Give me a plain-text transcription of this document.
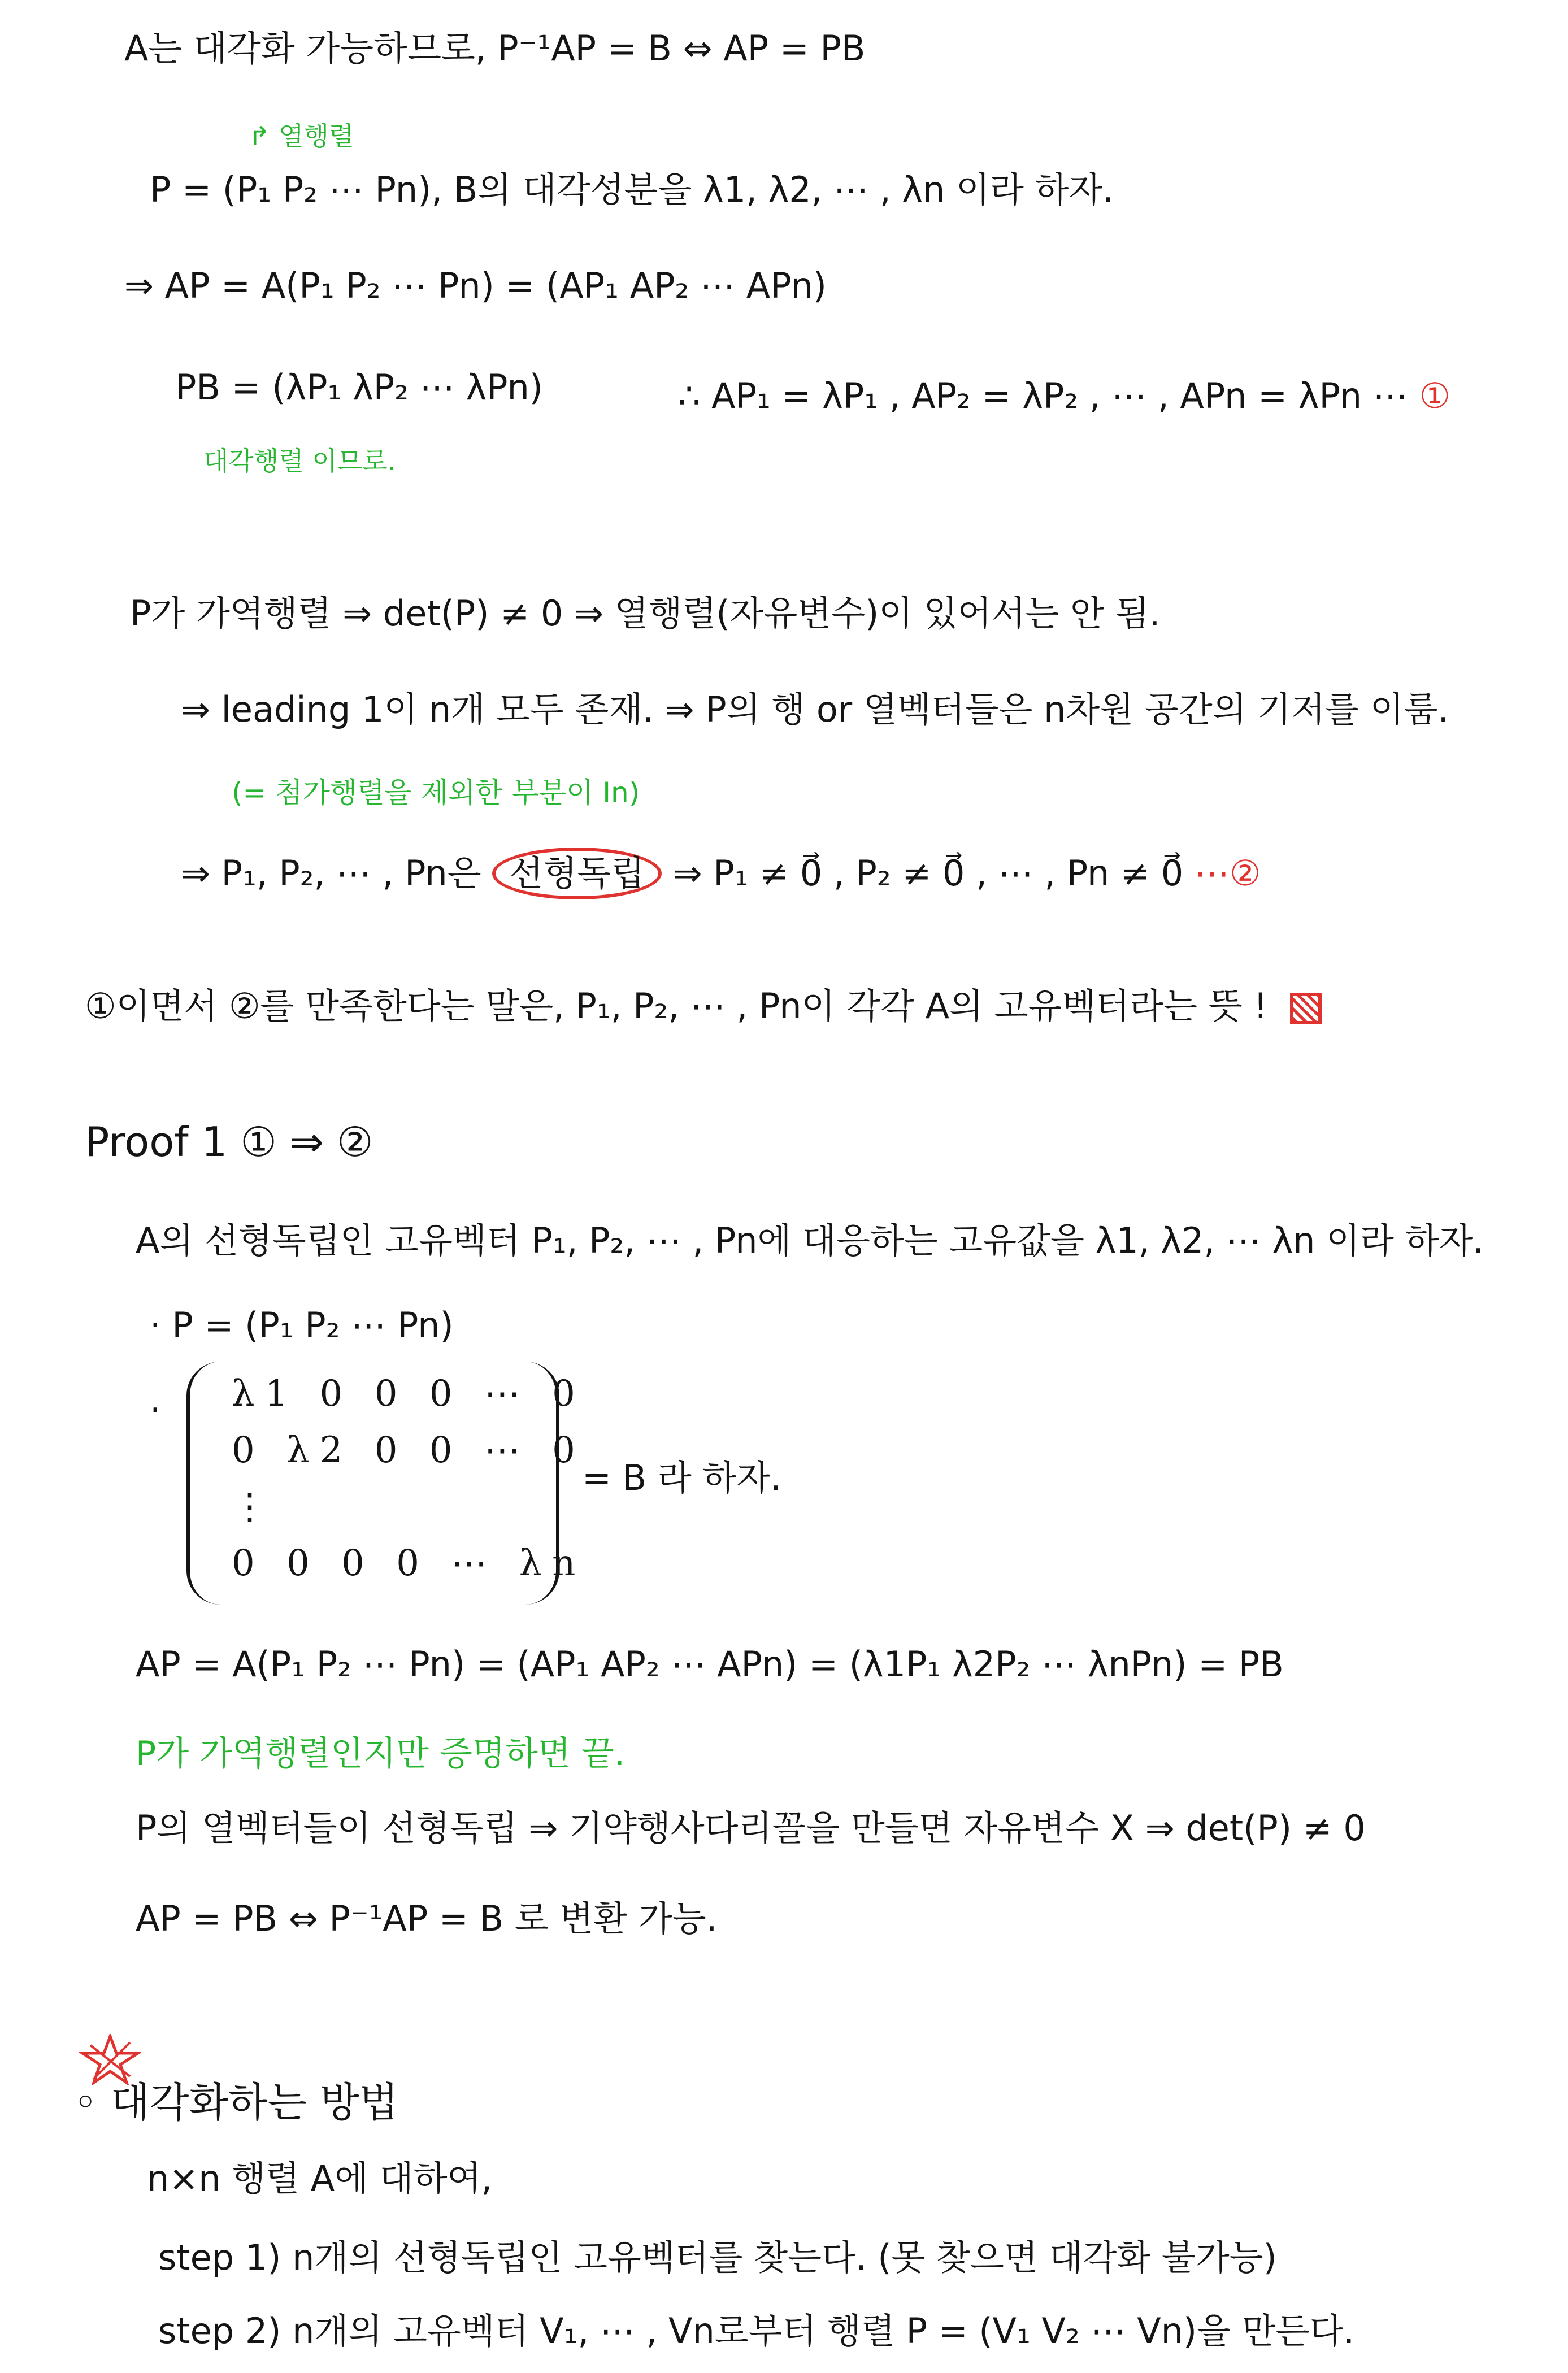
A는 대각화 가능하므로, P⁻¹AP = B ⇔ AP = PB
↱ 열행렬
P = (P₁ P₂ ⋯ Pn), B의 대각성분을 λ1, λ2, ⋯ , λn 이라 하자.
⇒ AP = A(P₁ P₂ ⋯ Pn) = (AP₁ AP₂ ⋯ APn)
PB = (λP₁ λP₂ ⋯ λPn)	∴ AP₁ = λP₁ , AP₂ = λP₂ , ⋯ , APn = λPn ⋯ ①
대각행렬 이므로.
P가 가역행렬 ⇒ det(P) ≠ 0 ⇒ 열행렬(자유변수)이 있어서는 안 됨.
⇒ leading 1이 n개 모두 존재. ⇒ P의 행 or 열벡터들은 n차원 공간의 기저를 이룸.
(= 첨가행렬을 제외한 부분이 In)
⇒ P₁, P₂, ⋯ , Pn은 선형독립 ⇒ P₁ ≠ 0⃗ , P₂ ≠ 0⃗ , ⋯ , Pn ≠ 0⃗ ⋯②
①이면서 ②를 만족한다는 말은, P₁, P₂, ⋯ , Pn이 각각 A의 고유벡터라는 뜻 !
Proof 1 ① ⇒ ②
A의 선형독립인 고유벡터 P₁, P₂, ⋯ , Pn에 대응하는 고유값을 λ1, λ2, ⋯ λn 이라 하자.
· P = (P₁ P₂ ⋯ Pn)
· λ1 0 0 0 ⋯ 0
0 λ2 0 0 ⋯ 0
⋮
0 0 0 0 ⋯ λn
= B 라 하자.
AP = A(P₁ P₂ ⋯ Pn) = (AP₁ AP₂ ⋯ APn) = (λ1P₁ λ2P₂ ⋯ λnPn) = PB
P가 가역행렬인지만 증명하면 끝.
P의 열벡터들이 선형독립 ⇒ 기약행사다리꼴을 만들면 자유변수 X ⇒ det(P) ≠ 0
AP = PB ⇔ P⁻¹AP = B 로 변환 가능.
◦ 대각화하는 방법
n×n 행렬 A에 대하여,
step 1) n개의 선형독립인 고유벡터를 찾는다. (못 찾으면 대각화 불가능)
step 2) n개의 고유벡터 V₁, ⋯ , Vn로부터 행렬 P = (V₁ V₂ ⋯ Vn)을 만든다.
